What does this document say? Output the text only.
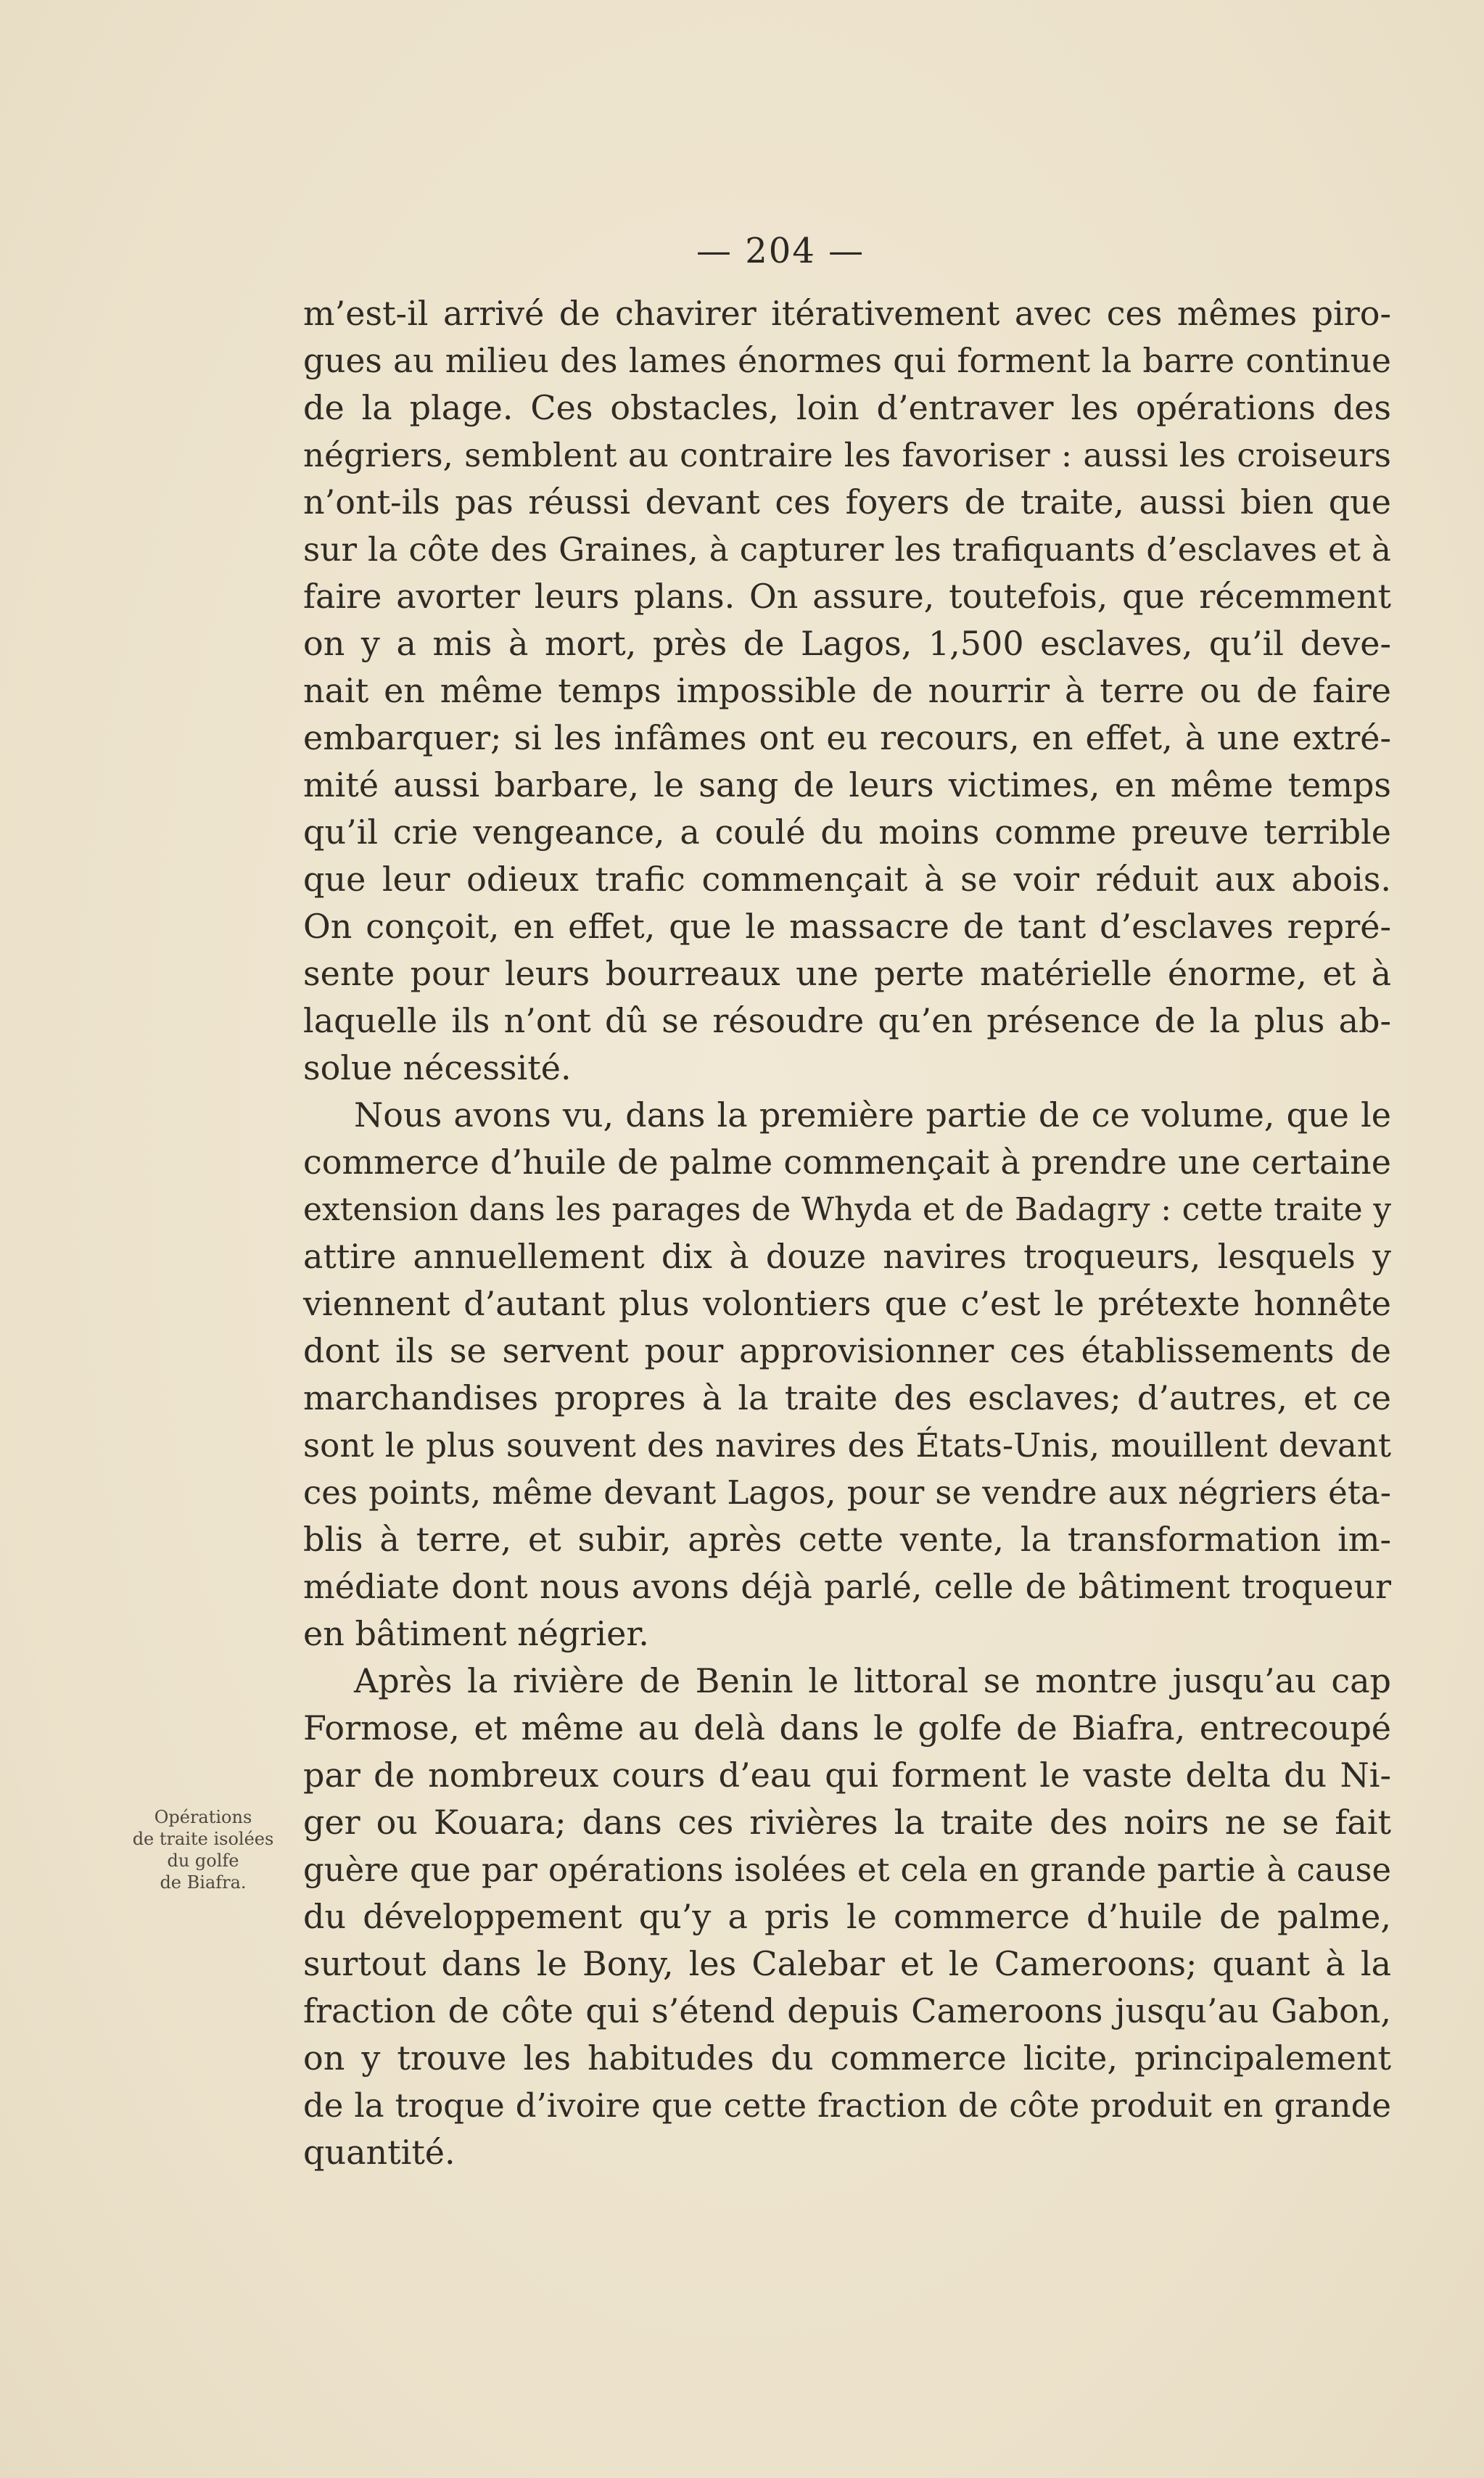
— 204 —
m’est-il arrivé de chavirer itérativement avec ces mêmes piro-
gues au milieu des lames énormes qui forment la barre continue
de la plage. Ces obstacles, loin d’entraver les opérations des
négriers, semblent au contraire les favoriser : aussi les croiseurs
n’ont-ils pas réussi devant ces foyers de traite, aussi bien que
sur la côte des Graines, à capturer les trafiquants d’esclaves et à
faire avorter leurs plans. On assure, toutefois, que récemment
on y a mis à mort, près de Lagos, 1,500 esclaves, qu’il deve-
nait en même temps impossible de nourrir à terre ou de faire
embarquer; si les infâmes ont eu recours, en effet, à une extré-
mité aussi barbare, le sang de leurs victimes, en même temps
qu’il crie vengeance, a coulé du moins comme preuve terrible
que leur odieux trafic commençait à se voir réduit aux abois.
On conçoit, en effet, que le massacre de tant d’esclaves repré-
sente pour leurs bourreaux une perte matérielle énorme, et à
laquelle ils n’ont dû se résoudre qu’en présence de la plus ab-
solue nécessité.
Nous avons vu, dans la première partie de ce volume, que le
commerce d’huile de palme commençait à prendre une certaine
extension dans les parages de Whyda et de Badagry : cette traite y
attire annuellement dix à douze navires troqueurs, lesquels y
viennent d’autant plus volontiers que c’est le prétexte honnête
dont ils se servent pour approvisionner ces établissements de
marchandises propres à la traite des esclaves; d’autres, et ce
sont le plus souvent des navires des États-Unis, mouillent devant
ces points, même devant Lagos, pour se vendre aux négriers éta-
blis à terre, et subir, après cette vente, la transformation im-
médiate dont nous avons déjà parlé, celle de bâtiment troqueur
en bâtiment négrier.
Après la rivière de Benin le littoral se montre jusqu’au cap
Formose, et même au delà dans le golfe de Biafra, entrecoupé
par de nombreux cours d’eau qui forment le vaste delta du Ni-
ger ou Kouara; dans ces rivières la traite des noirs ne se fait
guère que par opérations isolées et cela en grande partie à cause
du développement qu’y a pris le commerce d’huile de palme,
surtout dans le Bony, les Calebar et le Cameroons; quant à la
fraction de côte qui s’étend depuis Cameroons jusqu’au Gabon,
on y trouve les habitudes du commerce licite, principalement
de la troque d’ivoire que cette fraction de côte produit en grande
quantité.
Opérations
de traite isolées
du golfe
de Biafra.
